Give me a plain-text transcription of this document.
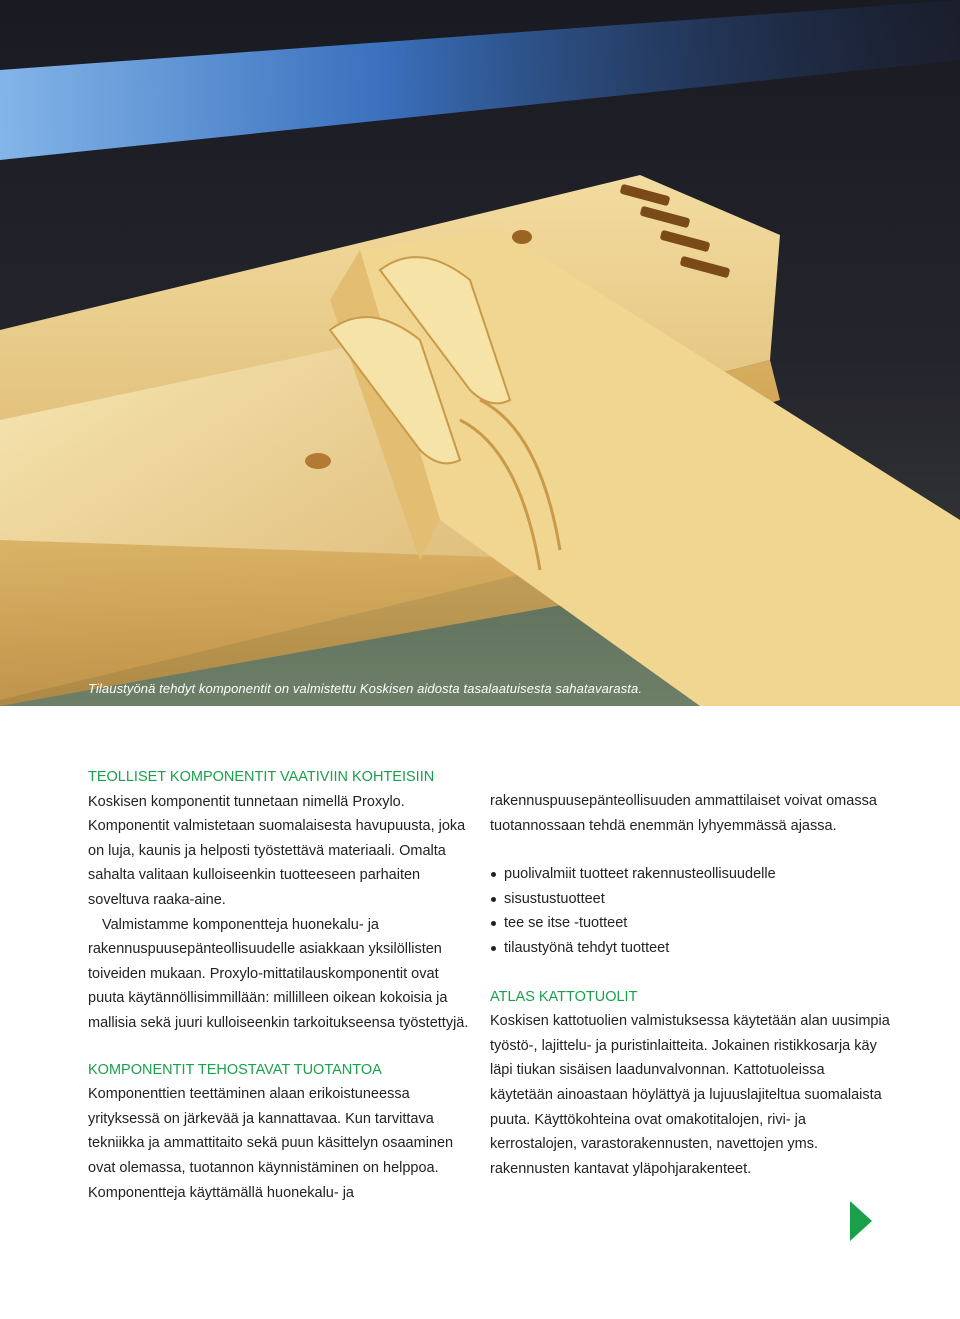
Tilaustyönä tehdyt komponentit on valmistettu Koskisen aidosta tasalaatuisesta sahatavarasta.

TEOLLISET KOMPONENTIT VAATIVIIN KOHTEISIIN

Koskisen komponentit tunnetaan nimellä Proxylo. Komponentit valmistetaan suomalaisesta havupuusta, joka on luja, kaunis ja helposti työstettävä materiaali. Omalta sahalta valitaan kulloiseenkin tuotteeseen parhaiten soveltuva raaka-aine.

Valmistamme komponentteja huonekalu- ja rakennuspuusepänteollisuudelle asiakkaan yksilöllisten toiveiden mukaan. Proxylo-mittatilauskomponentit ovat puuta käytännöllisimmillään: millilleen oikean kokoisia ja mallisia sekä juuri kulloiseenkin tarkoitukseensa työstettyjä.

KOMPONENTIT TEHOSTAVAT TUOTANTOA

Komponenttien teettäminen alaan erikoistuneessa yrityksessä on järkevää ja kannattavaa. Kun tarvittava tekniikka ja ammattitaito sekä puun käsittelyn osaaminen ovat olemassa, tuotannon käynnistäminen on helppoa. Komponentteja käyttämällä huonekalu- ja

rakennuspuusepänteollisuuden ammattilaiset voivat omassa tuotannossaan tehdä enemmän lyhyemmässä ajassa.

puolivalmiit tuotteet rakennusteollisuudelle
sisustustuotteet
tee se itse -tuotteet
tilaustyönä tehdyt tuotteet

ATLAS KATTOTUOLIT

Koskisen kattotuolien valmistuksessa käytetään alan uusimpia työstö-, lajittelu- ja puristinlaitteita. Jokainen ristikkosarja käy läpi tiukan sisäisen laadunvalvonnan. Kattotuoleissa käytetään ainoastaan höylättyä ja lujuuslajiteltua suomalaista puuta. Käyttökohteina ovat omakotitalojen, rivi- ja kerrostalojen, varastorakennusten, navettojen yms. rakennusten kantavat yläpohjarakenteet.
